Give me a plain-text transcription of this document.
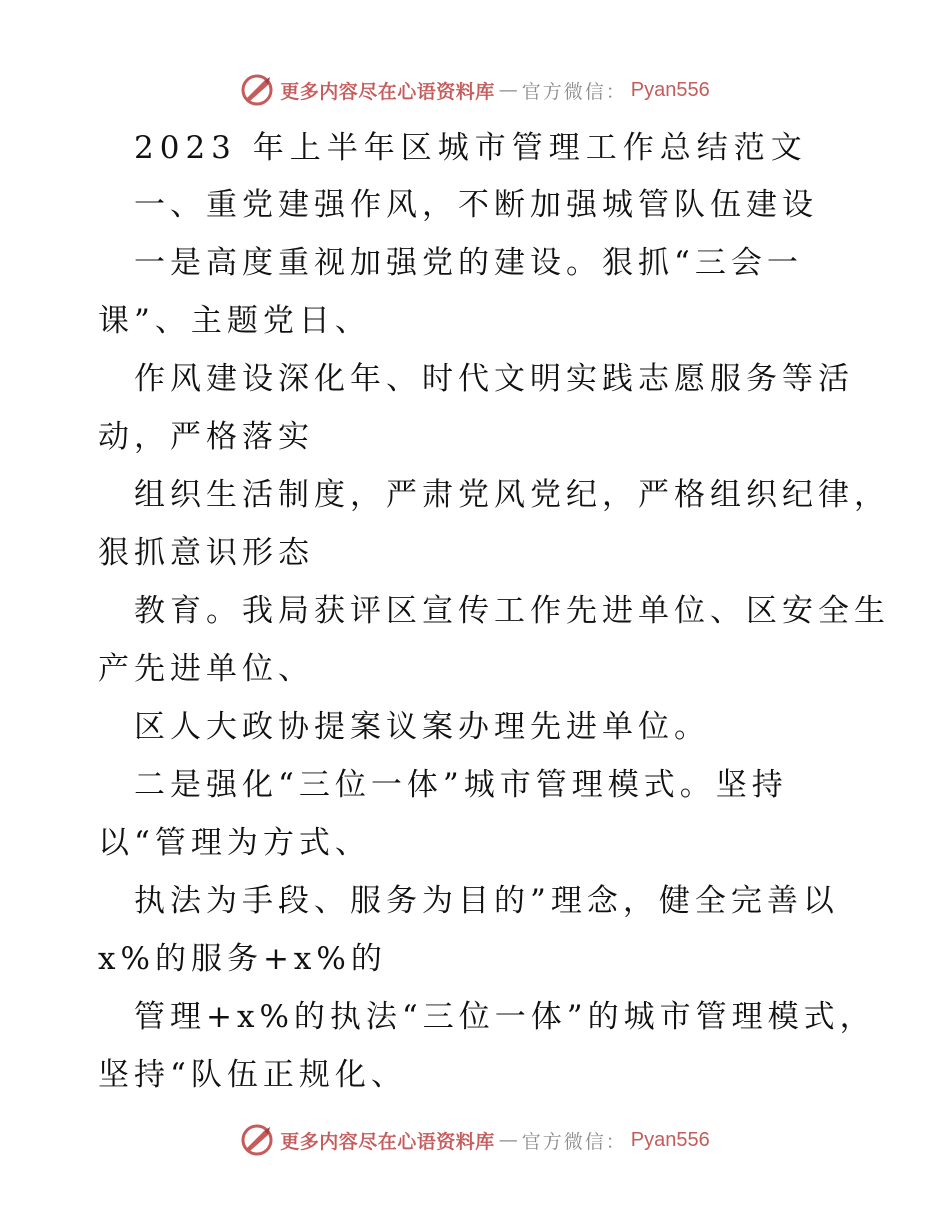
更多内容尽在心语资料库 — 官方微信： Pyan556
2023 年上半年区城市管理工作总结范文
一、重党建强作风，不断加强城管队伍建设
一是高度重视加强党的建设。狠抓“三会一
课”、主题党日、
作风建设深化年、时代文明实践志愿服务等活
动，严格落实
组织生活制度，严肃党风党纪，严格组织纪律，
狠抓意识形态
教育。我局获评区宣传工作先进单位、区安全生
产先进单位、
区人大政协提案议案办理先进单位。
二是强化“三位一体”城市管理模式。坚持
以“管理为方式、
执法为手段、服务为目的”理念，健全完善以
x%的服务+x%的
管理+x%的执法“三位一体”的城市管理模式，
坚持“队伍正规化、
更多内容尽在心语资料库 — 官方微信： Pyan556
